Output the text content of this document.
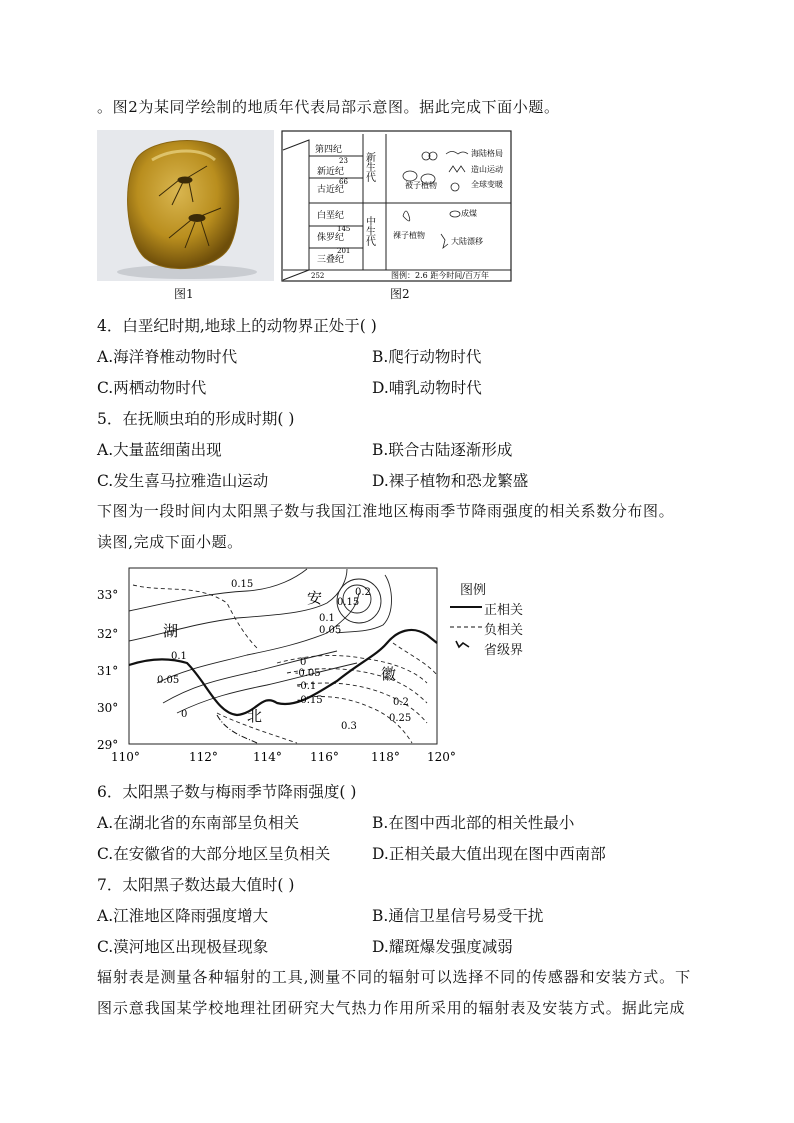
。图2为某同学绘制的地质年代表局部示意图。据此完成下面小题。
图1
第四纪
新近纪
古近纪
白垩纪
侏罗纪
三叠纪
23
66
145
201
252
新生代
中生代
被子植物
海陆格局
造山运动
全球变暖
裸子植物
成煤
大陆漂移
图例：2.6 距今时间/百万年
图2
4．白垩纪时期,地球上的动物界正处于( )
A.海洋脊椎动物时代	B.爬行动物时代
C.两栖动物时代	D.哺乳动物时代
5．在抚顺虫珀的形成时期( )
A.大量蓝细菌出现	B.联合古陆逐渐形成
C.发生喜马拉雅造山运动	D.裸子植物和恐龙繁盛
下图为一段时间内太阳黑子数与我国江淮地区梅雨季节降雨强度的相关系数分布图。
读图,完成下面小题。
33°
32°
31°
30°
29°
110°	112°	114° 116°	118° 120°
湖
北
安
徽
0.15
0.1
0.05
0
0.1
0.05
0
-0.05
-0.1
-0.15
0.15
0.2
0.2
0.25
0.3
图例
正相关
负相关
省级界
6．太阳黑子数与梅雨季节降雨强度( )
A.在湖北省的东南部呈负相关	B.在图中西北部的相关性最小
C.在安徽省的大部分地区呈负相关	D.正相关最大值出现在图中西南部
7．太阳黑子数达最大值时( )
A.江淮地区降雨强度增大	B.通信卫星信号易受干扰
C.漠河地区出现极昼现象	D.耀斑爆发强度减弱
辐射表是测量各种辐射的工具,测量不同的辐射可以选择不同的传感器和安装方式。下
图示意我国某学校地理社团研究大气热力作用所采用的辐射表及安装方式。据此完成
